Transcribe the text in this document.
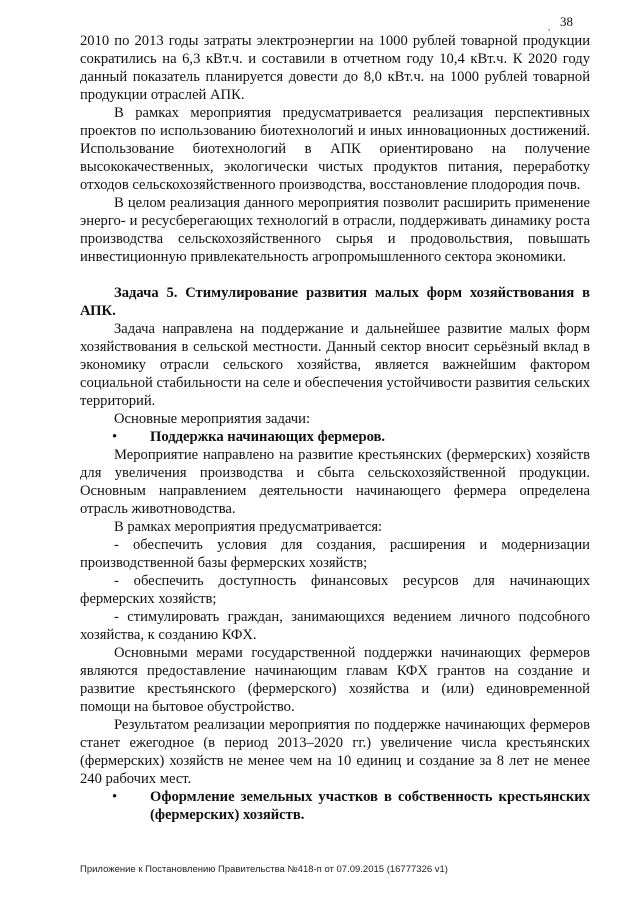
, 38

2010 по 2013 годы затраты электроэнергии на 1000 рублей товарной продукции сократились на 6,3 кВт.ч. и составили в отчетном году 10,4 кВт.ч. К 2020 году данный показатель планируется довести до 8,0 кВт.ч. на 1000 рублей товарной продукции отраслей АПК.

В рамках мероприятия предусматривается реализация перспективных проектов по использованию биотехнологий и иных инновационных достижений. Использование биотехнологий в АПК ориентировано на получение высококачественных, экологически чистых продуктов питания, переработку отходов сельскохозяйственного производства, восстановление плодородия почв.

В целом реализация данного мероприятия позволит расширить применение энерго- и ресусберегающих технологий в отрасли, поддерживать динамику роста производства сельскохозяйственного сырья и продовольствия, повышать инвестиционную привлекательность агропромышленного сектора экономики.

Задача 5. Стимулирование развития малых форм хозяйствования в АПК.

Задача направлена на поддержание и дальнейшее развитие малых форм хозяйствования в сельской местности. Данный сектор вносит серьёзный вклад в экономику отрасли сельского хозяйства, является важнейшим фактором социальной стабильности на селе и обеспечения устойчивости развития сельских территорий.

Основные мероприятия задачи:

• Поддержка начинающих фермеров.

Мероприятие направлено на развитие крестьянских (фермерских) хозяйств для увеличения производства и сбыта сельскохозяйственной продукции. Основным направлением деятельности начинающего фермера определена отрасль животноводства.

В рамках мероприятия предусматривается:

- обеспечить условия для создания, расширения и модернизации производственной базы фермерских хозяйств;

- обеспечить доступность финансовых ресурсов для начинающих фермерских хозяйств;

- стимулировать граждан, занимающихся ведением личного подсобного хозяйства, к созданию КФХ.

Основными мерами государственной поддержки начинающих фермеров являются предоставление начинающим главам КФХ грантов на создание и развитие крестьянского (фермерского) хозяйства и (или) единовременной помощи на бытовое обустройство.

Результатом реализации мероприятия по поддержке начинающих фермеров станет ежегодное (в период 2013–2020 гг.) увеличение числа крестьянских (фермерских) хозяйств не менее чем на 10 единиц и создание за 8 лет не менее 240 рабочих мест.

• Оформление земельных участков в собственность крестьянских (фермерских) хозяйств.

Приложение к Постановлению Правительства №418-п от 07.09.2015 (16777326 v1)
